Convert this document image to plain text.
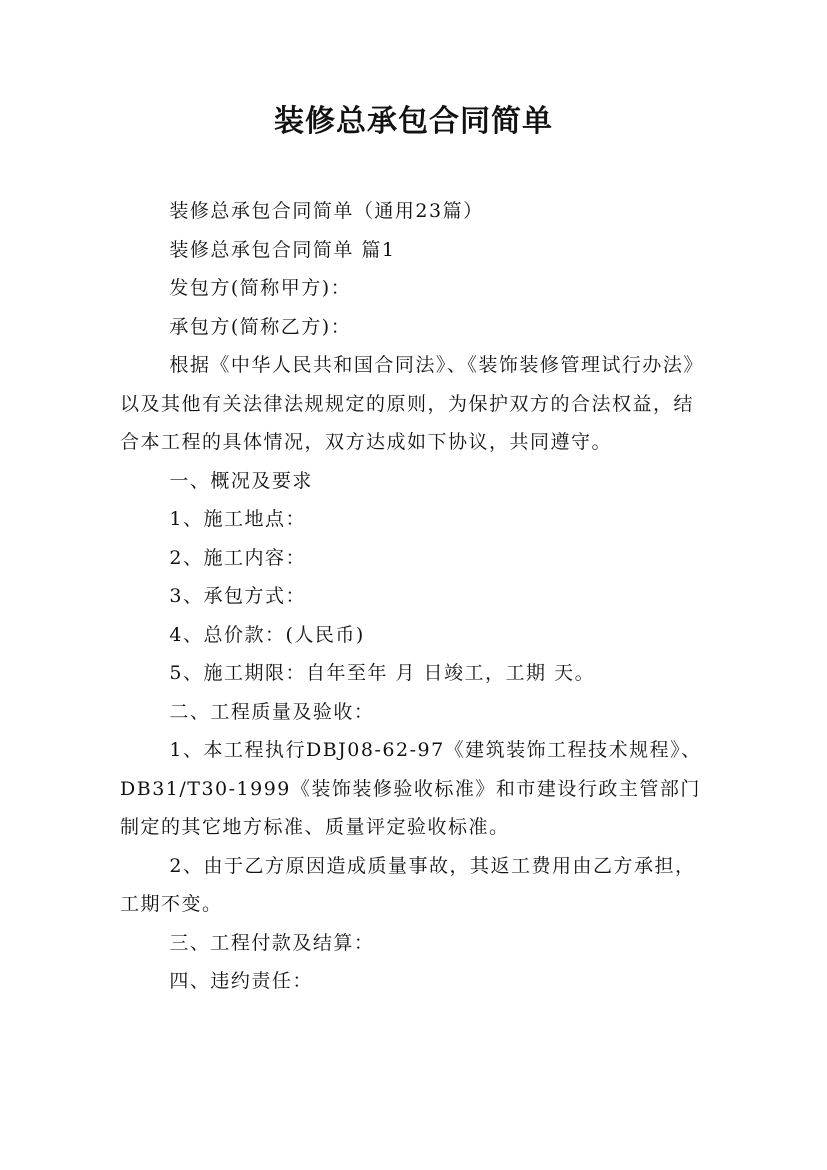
装修总承包合同简单

装修总承包合同简单（通用23篇）

装修总承包合同简单 篇1

发包方(简称甲方)：

承包方(简称乙方)：

根据《中华人民共和国合同法》、《装饰装修管理试行办法》以及其他有关法律法规规定的原则，为保护双方的合法权益，结合本工程的具体情况，双方达成如下协议，共同遵守。

一、概况及要求

1、施工地点：

2、施工内容：

3、承包方式：

4、总价款：(人民币)

5、施工期限：自年至年 月 日竣工，工期 天。

二、工程质量及验收：

1、本工程执行DBJ08-62-97《建筑装饰工程技术规程》、DB31/T30-1999《装饰装修验收标准》和市建设行政主管部门制定的其它地方标准、质量评定验收标准。

2、由于乙方原因造成质量事故，其返工费用由乙方承担，工期不变。

三、工程付款及结算：

四、违约责任：
